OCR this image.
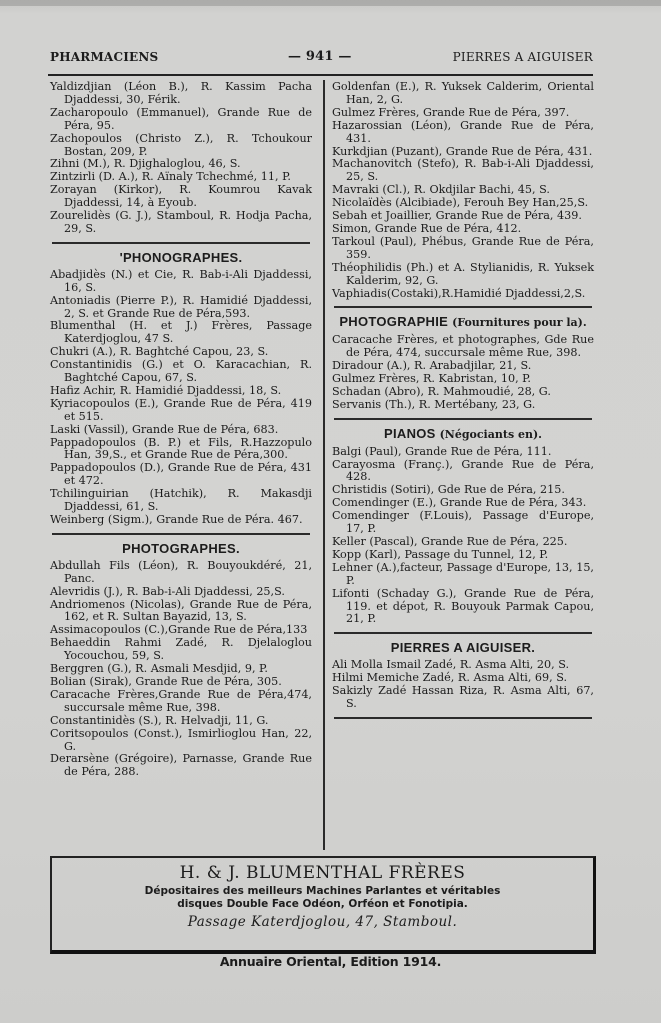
PHARMACIENS	— 941 —	PIERRES A AIGUISER

Yaldizdjian (Léon B.), R. Kassim Pacha Djaddessi, 30, Férik.

Zacharopoulo (Emmanuel), Grande Rue de Péra, 95.

Zachopoulos (Christo Z.), R. Tchoukour Bostan, 209, P.

Zihni (M.), R. Djighaloglou, 46, S.

Zintzirli (D. A.), R. Aïnaly Tchechmé, 11, P.

Zorayan (Kirkor), R. Koumrou Kavak Djaddessi, 14, à Eyoub.

Zourelidès (G. J.), Stamboul, R. Hodja Pacha, 29, S.

'PHONOGRAPHES.

Abadjidès (N.) et Cie, R. Bab-i-Ali Djaddessi, 16, S.

Antoniadis (Pierre P.), R. Hamidié Djaddessi, 2, S. et Grande Rue de Péra,593.

Blumenthal (H. et J.) Frères, Passage Katerdjoglou, 47 S.

Chukri (A.), R. Baghtché Capou, 23, S.

Constantinidis (G.) et O. Karacachian, R. Baghtché Capou, 67, S.

Hafiz Achir, R. Hamidié Djaddessi, 18, S.

Kyriacopoulos (E.), Grande Rue de Péra, 419 et 515.

Laski (Vassil), Grande Rue de Péra, 683.

Pappadopoulos (B. P.) et Fils, R.Hazzopulo Han, 39,S., et Grande Rue de Péra,300.

Pappadopoulos (D.), Grande Rue de Péra, 431 et 472.

Tchilinguirian (Hatchik), R. Makasdji Djaddessi, 61, S.

Weinberg (Sigm.), Grande Rue de Péra. 467.

PHOTOGRAPHES.

Abdullah Fils (Léon), R. Bouyoukdéré, 21, Panc.

Alevridis (J.), R. Bab-i-Ali Djaddessi, 25,S.

Andriomenos (Nicolas), Grande Rue de Péra, 162, et R. Sultan Bayazid, 13, S.

Assimacopoulos (C.),Grande Rue de Péra,133

Behaeddin Rahmi Zadé, R. Djelaloglou Yocouchou, 59, S.

Berggren (G.), R. Asmali Mesdjid, 9, P.

Bolian (Sirak), Grande Rue de Péra, 305.

Caracache Frères,Grande Rue de Péra,474, succursale même Rue, 398.

Constantinidès (S.), R. Helvadji, 11, G.

Coritsopoulos (Const.), Ismirlioglou Han, 22, G.

Derarsène (Grégoire), Parnasse, Grande Rue de Péra, 288.

Goldenfan (E.), R. Yuksek Calderim, Oriental Han, 2, G.

Gulmez Frères, Grande Rue de Péra, 397.

Hazarossian (Léon), Grande Rue de Péra, 431.

Kurkdjian (Puzant), Grande Rue de Péra, 431.

Machanovitch (Stefo), R. Bab-i-Ali Djaddessi, 25, S.

Mavraki (Cl.), R. Okdjilar Bachi, 45, S.

Nicolaïdès (Alcibiade), Ferouh Bey Han,25,S.

Sebah et Joaillier, Grande Rue de Péra, 439.

Simon, Grande Rue de Péra, 412.

Tarkoul (Paul), Phébus, Grande Rue de Péra, 359.

Théophilidis (Ph.) et A. Stylianidis, R. Yuksek Kalderim, 92, G.

Vaphiadis(Costaki),R.Hamidié Djaddessi,2,S.

PHOTOGRAPHIE (Fournitures pour la).

Caracache Frères, et photographes, Gde Rue de Péra, 474, succursale même Rue, 398.

Diradour (A.), R. Arabadjilar, 21, S.

Gulmez Frères, R. Kabristan, 10, P.

Schadan (Abro), R. Mahmoudié, 28, G.

Servanis (Th.), R. Mertébany, 23, G.

PIANOS (Négociants en).

Balgi (Paul), Grande Rue de Péra, 111.

Carayosma (Franç.), Grande Rue de Péra, 428.

Christidis (Sotiri), Gde Rue de Péra, 215.

Comendinger (E.), Grande Rue de Péra, 343.

Comendinger (F.Louis), Passage d'Europe, 17, P.

Keller (Pascal), Grande Rue de Péra, 225.

Kopp (Karl), Passage du Tunnel, 12, P.

Lehner (A.),facteur, Passage d'Europe, 13, 15, P.

Lifonti (Schaday G.), Grande Rue de Péra, 119. et dépot, R. Bouyouk Parmak Capou, 21, P.

PIERRES A AIGUISER.

Ali Molla Ismail Zadé, R. Asma Alti, 20, S.

Hilmi Memiche Zadé, R. Asma Alti, 69, S.

Sakizly Zadé Hassan Riza, R. Asma Alti, 67, S.

H. & J. BLUMENTHAL FRÈRES
Dépositaires des meilleurs Machines Parlantes et véritables
disques Double Face Odéon, Orféon et Fonotipia.
Passage Katerdjoglou, 47, Stamboul.
Annuaire Oriental, Edition 1914.
